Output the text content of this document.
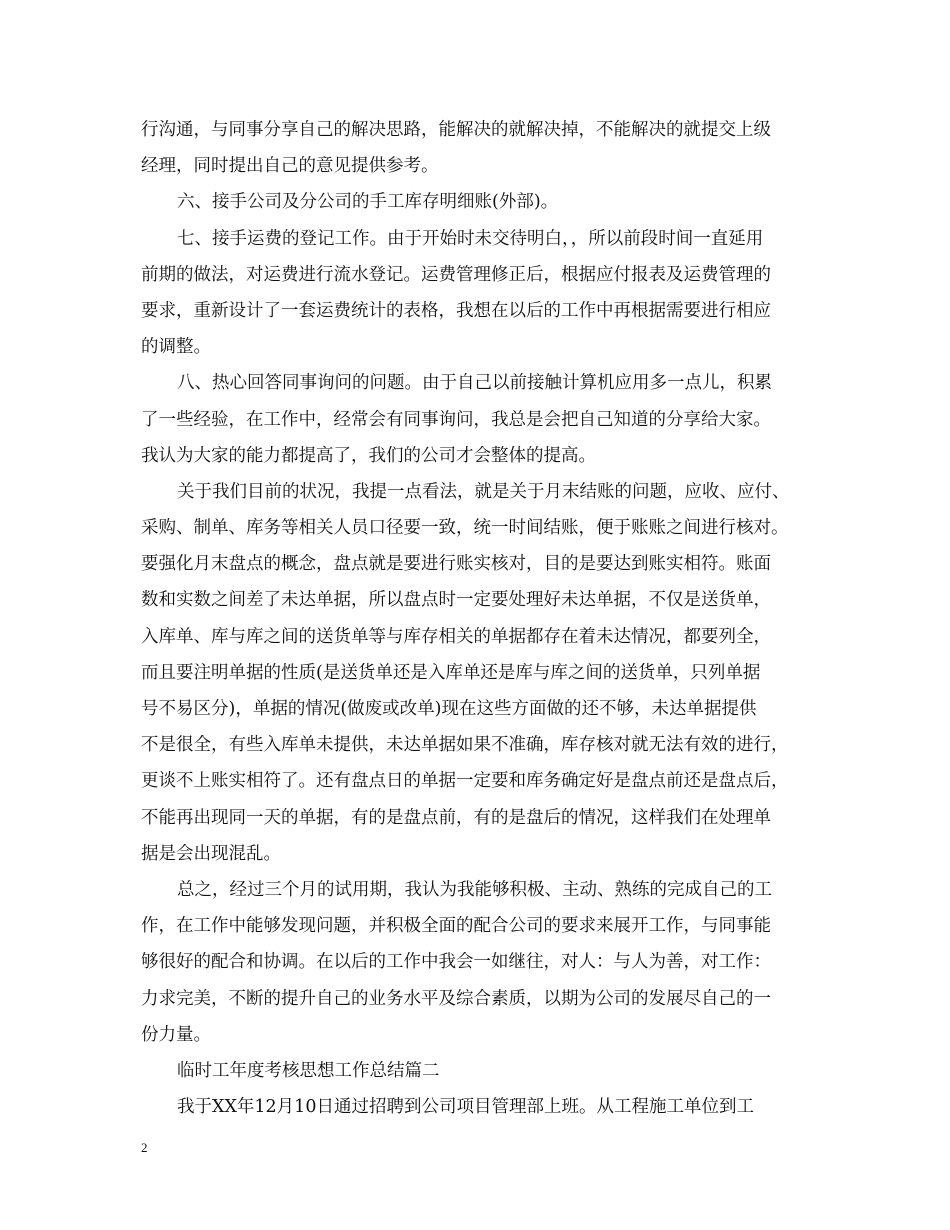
行沟通，与同事分享自己的解决思路，能解决的就解决掉，不能解决的就提交上级
经理，同时提出自己的意见提供参考。
六、接手公司及分公司的手工库存明细账(外部)。
七、接手运费的登记工作。由于开始时未交待明白，，所以前段时间一直延用
前期的做法，对运费进行流水登记。运费管理修正后，根据应付报表及运费管理的
要求，重新设计了一套运费统计的表格，我想在以后的工作中再根据需要进行相应
的调整。
八、热心回答同事询问的问题。由于自己以前接触计算机应用多一点儿，积累
了一些经验，在工作中，经常会有同事询问，我总是会把自己知道的分享给大家。
我认为大家的能力都提高了，我们的公司才会整体的提高。
关于我们目前的状况，我提一点看法，就是关于月末结账的问题，应收、应付、
采购、制单、库务等相关人员口径要一致，统一时间结账，便于账账之间进行核对。
要强化月末盘点的概念，盘点就是要进行账实核对，目的是要达到账实相符。账面
数和实数之间差了未达单据，所以盘点时一定要处理好未达单据，不仅是送货单，
入库单、库与库之间的送货单等与库存相关的单据都存在着未达情况，都要列全，
而且要注明单据的性质(是送货单还是入库单还是库与库之间的送货单，只列单据
号不易区分)，单据的情况(做废或改单)现在这些方面做的还不够，未达单据提供
不是很全，有些入库单未提供，未达单据如果不准确，库存核对就无法有效的进行，
更谈不上账实相符了。还有盘点日的单据一定要和库务确定好是盘点前还是盘点后，
不能再出现同一天的单据，有的是盘点前，有的是盘后的情况，这样我们在处理单
据是会出现混乱。
总之，经过三个月的试用期，我认为我能够积极、主动、熟练的完成自己的工
作，在工作中能够发现问题，并积极全面的配合公司的要求来展开工作，与同事能
够很好的配合和协调。在以后的工作中我会一如继往，对人：与人为善，对工作：
力求完美，不断的提升自己的业务水平及综合素质，以期为公司的发展尽自己的一
份力量。
临时工年度考核思想工作总结篇二
我于XX年12月10日通过招聘到公司项目管理部上班。从工程施工单位到工
2
